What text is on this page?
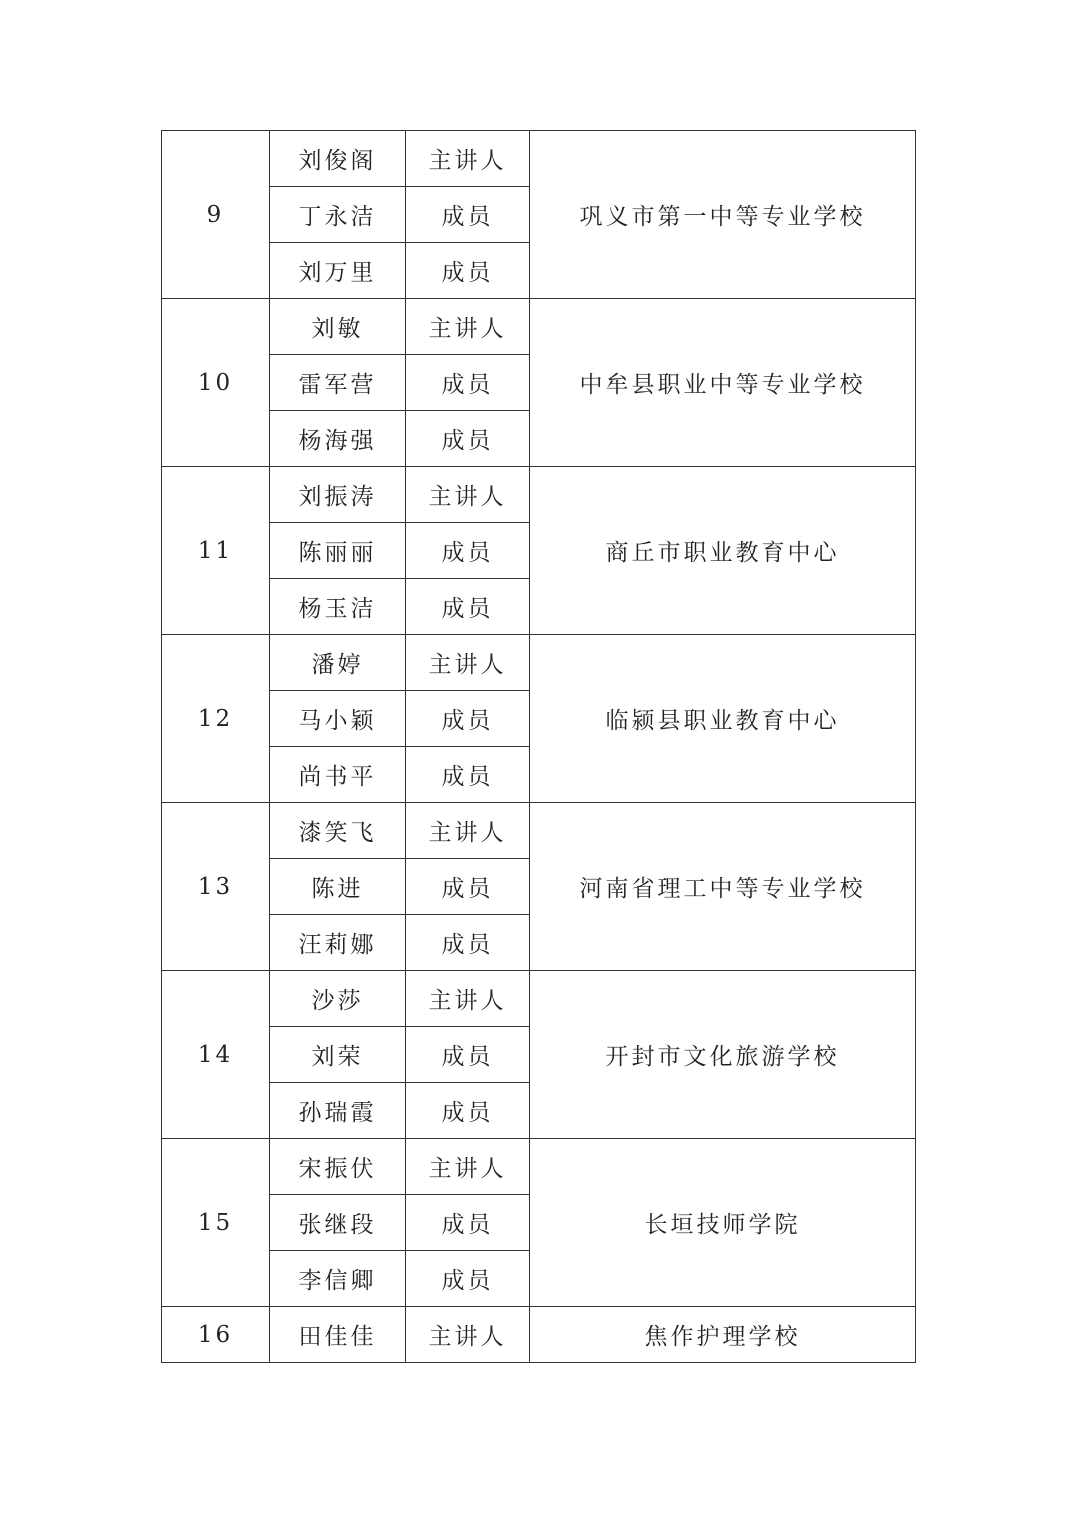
9	刘俊阁	主讲人	巩义市第一中等专业学校
	丁永洁	成员	
	刘万里	成员	
10	刘敏	主讲人	中牟县职业中等专业学校
	雷军营	成员	
	杨海强	成员	
11	刘振涛	主讲人	商丘市职业教育中心
	陈丽丽	成员	
	杨玉洁	成员	
12	潘婷	主讲人	临颍县职业教育中心
	马小颖	成员	
	尚书平	成员	
13	漆笑飞	主讲人	河南省理工中等专业学校
	陈进	成员	
	汪莉娜	成员	
14	沙莎	主讲人	开封市文化旅游学校
	刘荣	成员	
	孙瑞霞	成员	
15	宋振伏	主讲人	长垣技师学院
	张继段	成员	
	李信卿	成员	
16	田佳佳	主讲人	焦作护理学校
